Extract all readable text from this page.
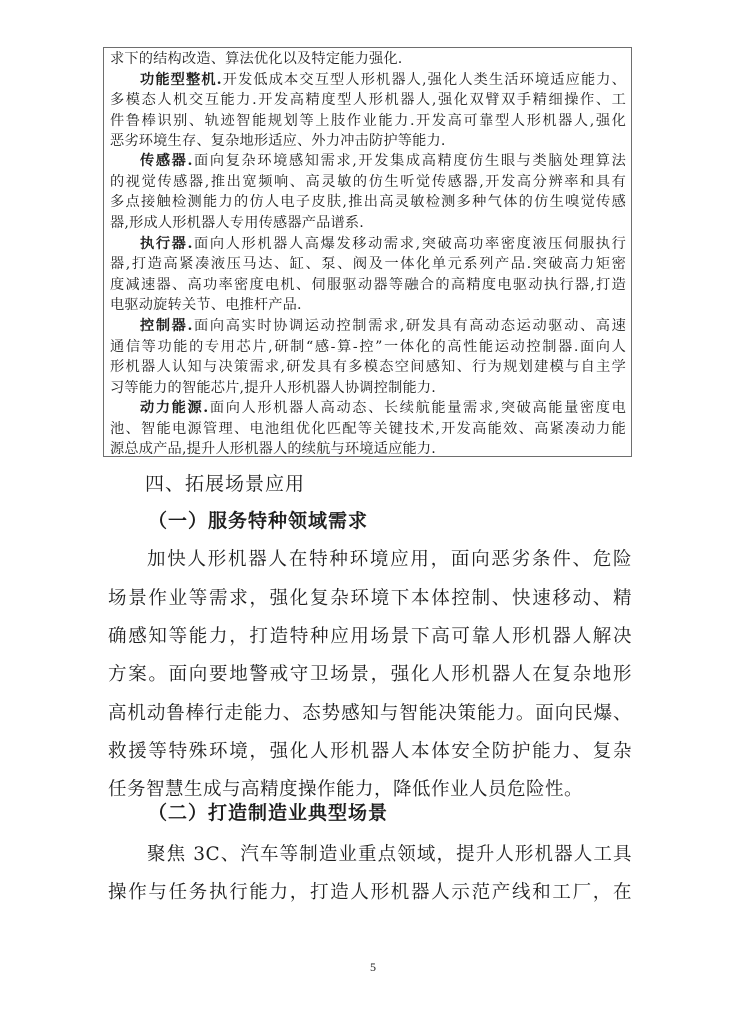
求下的结构改造、算法优化以及特定能力强化.
功能型整机.开发低成本交互型人形机器人,强化人类生活环境适应能力、
多模态人机交互能力.开发高精度型人形机器人,强化双臂双手精细操作、工
件鲁棒识别、轨迹智能规划等上肢作业能力.开发高可靠型人形机器人,强化
恶劣环境生存、复杂地形适应、外力冲击防护等能力.
传感器.面向复杂环境感知需求,开发集成高精度仿生眼与类脑处理算法
的视觉传感器,推出宽频响、高灵敏的仿生听觉传感器,开发高分辨率和具有
多点接触检测能力的仿人电子皮肤,推出高灵敏检测多种气体的仿生嗅觉传感
器,形成人形机器人专用传感器产品谱系.
执行器.面向人形机器人高爆发移动需求,突破高功率密度液压伺服执行
器,打造高紧凑液压马达、缸、泵、阀及一体化单元系列产品.突破高力矩密
度减速器、高功率密度电机、伺服驱动器等融合的高精度电驱动执行器,打造
电驱动旋转关节、电推杆产品.
控制器.面向高实时协调运动控制需求,研发具有高动态运动驱动、高速
通信等功能的专用芯片,研制“感-算-控”一体化的高性能运动控制器.面向人
形机器人认知与决策需求,研发具有多模态空间感知、行为规划建模与自主学
习等能力的智能芯片,提升人形机器人协调控制能力.
动力能源.面向人形机器人高动态、长续航能量需求,突破高能量密度电
池、智能电源管理、电池组优化匹配等关键技术,开发高能效、高紧凑动力能
源总成产品,提升人形机器人的续航与环境适应能力.
四、拓展场景应用
（一）服务特种领域需求
加快人形机器人在特种环境应用，面向恶劣条件、危险
场景作业等需求，强化复杂环境下本体控制、快速移动、精
确感知等能力，打造特种应用场景下高可靠人形机器人解决
方案。面向要地警戒守卫场景，强化人形机器人在复杂地形
高机动鲁棒行走能力、态势感知与智能决策能力。面向民爆、
救援等特殊环境，强化人形机器人本体安全防护能力、复杂
任务智慧生成与高精度操作能力，降低作业人员危险性。
（二）打造制造业典型场景
聚焦 3C、汽车等制造业重点领域，提升人形机器人工具
操作与任务执行能力，打造人形机器人示范产线和工厂，在
5
